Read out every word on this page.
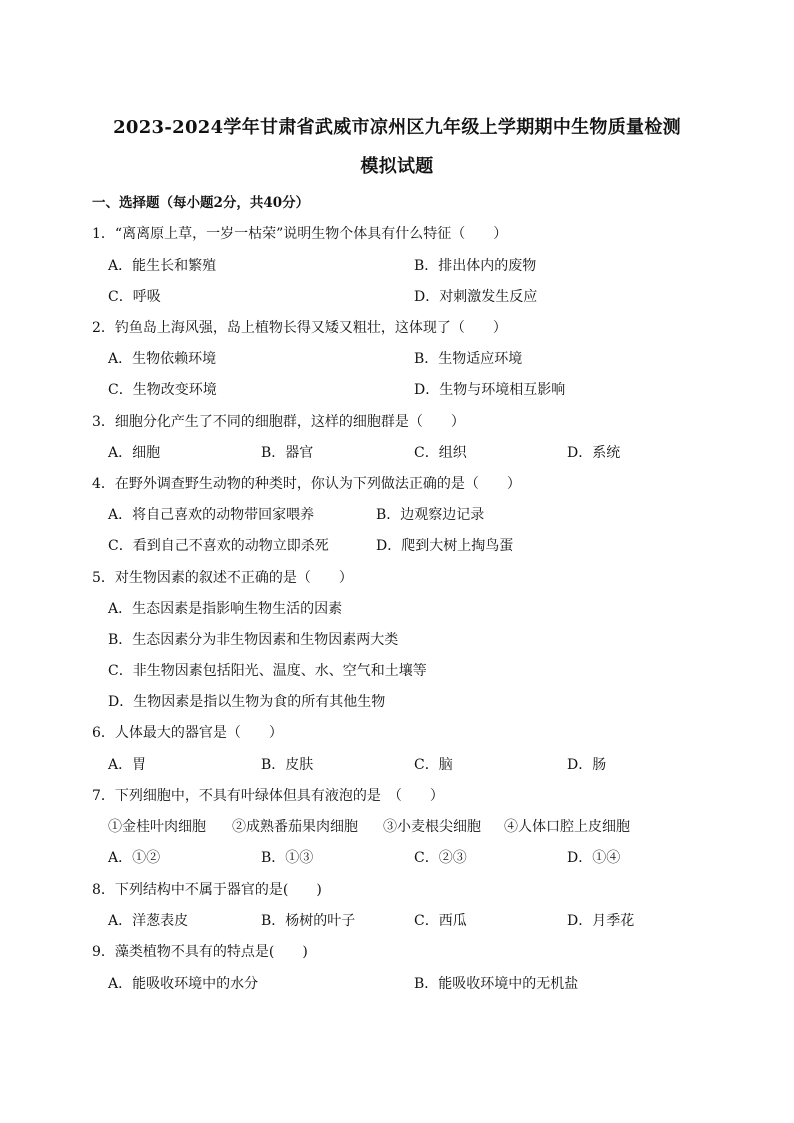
2023-2024学年甘肃省武威市凉州区九年级上学期期中生物质量检测
模拟试题
一、选择题（每小题2分，共40分）
1．“离离原上草，一岁一枯荣”说明生物个体具有什么特征（　　）
A．能生长和繁殖	B．排出体内的废物
C．呼吸	D．对刺激发生反应
2．钓鱼岛上海风强，岛上植物长得又矮又粗壮，这体现了（　　）
A．生物依赖环境	B．生物适应环境
C．生物改变环境	D．生物与环境相互影响
3．细胞分化产生了不同的细胞群，这样的细胞群是（　　）
A．细胞	B．器官	C．组织	D．系统
4．在野外调查野生动物的种类时，你认为下列做法正确的是（　　）
A．将自己喜欢的动物带回家喂养	B．边观察边记录
C．看到自己不喜欢的动物立即杀死	D．爬到大树上掏鸟蛋
5．对生物因素的叙述不正确的是（　　）
A．生态因素是指影响生物生活的因素
B．生态因素分为非生物因素和生物因素两大类
C．非生物因素包括阳光、温度、水、空气和土壤等
D．生物因素是指以生物为食的所有其他生物
6．人体最大的器官是（　　）
A．胃	B．皮肤	C．脑	D．肠
7．下列细胞中，不具有叶绿体但具有液泡的是　（　　）
①金桂叶肉细胞 ②成熟番茄果肉细胞 ③小麦根尖细胞 ④人体口腔上皮细胞
A．①②	B．①③	C．②③	D．①④
8．下列结构中不属于器官的是(　　)
A．洋葱表皮	B．杨树的叶子	C．西瓜	D．月季花
9．藻类植物不具有的特点是(　　)
A．能吸收环境中的水分	B．能吸收环境中的无机盐
